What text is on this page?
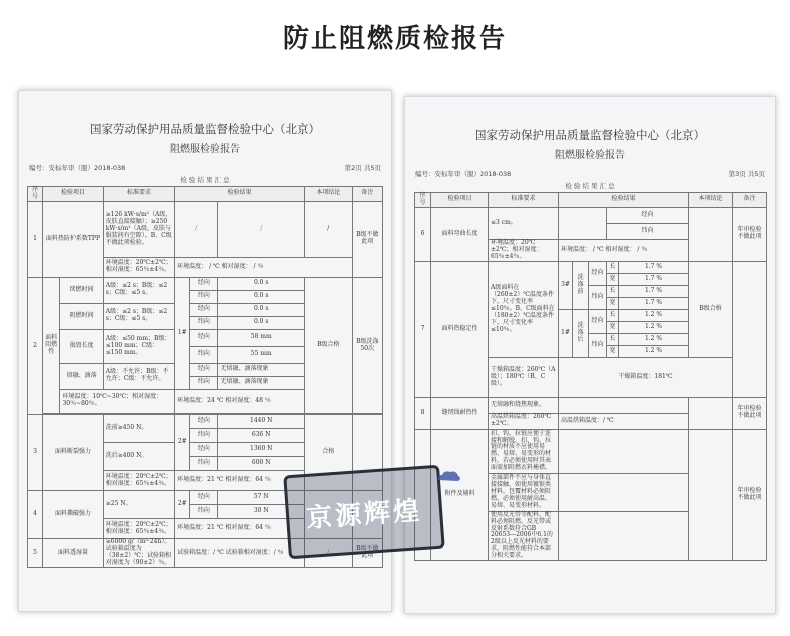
防止阻燃质检报告
国家劳动保护用品质量监督检验中心（北京）
阻燃服检验报告
编号：安标年审（服）2018-038	第2页 共5页
检 验 结 果 汇 总
序号	检验项目		标准要求	检验结果			本项结论	备注
1	面料热防护系数TPP		≥126 kW·s/m²（A级，皮肤直接接触）；≥250 kW·s/m²（A级，皮肤与服装间有空隙）。B、C级不做此项检验。	/		/	/	B级不做此项
			环境温度：20℃±2℃；相对湿度：65％±4％。	环境温度： / ℃ 相对湿度： / ％				
2	面料阻燃性	续燃时间	A级：≤2 s；B级：≤2 s；C级：≤5 s。	1#	经向	0.0 s	B级合格	B级洗涤50次
					纬向	0.0 s		
		阴燃时间	A级：≤2 s；B级：≤2 s；C级：≤5 s。		经向	0.0 s		
					纬向	0.0 s		
		损毁长度	A级：≤50 mm；B级：≤100 mm；C级：≤150 mm。		经向	58 mm		
					纬向	55 mm		
		熔融、滴落	A级：不允许；B级：不允许；C级：不允许。		经向	无熔融、滴落现象		
					纬向	无熔融、滴落现象		
		环境温度：10℃~30℃；相对湿度：30％~80％。		环境温度：24 ℃ 相对湿度：48 ％				

3	面料断裂强力		洗前≥450 N。	2#	经向	1440 N	合格	
					纬向	636 N		
			洗后≥400 N。		经向	1360 N		
					纬向	600 N		
			环境温度：20℃±2℃；相对湿度：65％±4％。	环境温度：21 ℃ 相对湿度：64 ％				
4	面料撕破强力		≥25 N。	2#	经向	57 N		
					纬向	30 N		
			环境温度：20℃±2℃；相对湿度：65％±4％。	环境温度：21 ℃ 相对湿度：64 ％				
5	面料透湿量		≥6000 g/（m²·24h）。试验箱温度为（38±2）℃；试验箱相对湿度为（90±2）％。	试验箱温度：/ ℃ 试验箱相对湿度：/ ％			/	B级不做此项
国家劳动保护用品质量监督检验中心（北京）
阻燃服检验报告
编号：安标年审（服）2018-038	第3页 共5页
检 验 结 果 汇 总
序号	检验项目	标准要求	检验结果					本项结论	备注
6	面料弯曲长度	≤3 cm。				经向			年审检验不做此项
						纬向			
		环境温度：20℃±2℃；相对湿度：65％±4％。	环境温度： / ℃ 相对湿度： / ％						
7	面料热稳定性	A级面料在（260±2）℃温度条件下，尺寸变化率≤10％。B、C级面料在（180±2）℃温度条件下，尺寸变化率≤10％。	3#	洗涤前	经向	长	1.7 %	B级合格	
						宽	1.7 %		
					纬向	长	1.7 %		
						宽	1.7 %		
			1#	洗涤后	经向	长	1.2 %		
						宽	1.2 %		
					纬向	长	1.2 %		
						宽	1.2 %		
		干燥箱温度：260℃（A级）；180℃（B、C级）。	干燥箱温度：181℃						
8	缝纫线耐热性	无熔融和烧焦现象。							年审检验不做此项
		高温烘箱温度：260℃±2℃。	高温烘箱温度：/ ℃						
	附件及辅料	扣、钩、拉链应便于连接和解脱，扣、钩、拉链的材质不应使用易燃、易熔、易变形的材料，若必须使用时其表面需加阻燃衣料掩襟。							年审检验不做此项
		金属部件不应与身体直接接触，如使用镀银类材料，包覆材料必须阻燃，必须使用耐高温、易熔、易变形材料。							
		使用反光带等配料，配料必须阻燃。反光带或反射系数符合GB 20653—2006中6.1的2级以上反光材料的要求，阻燃性能符合本部分相关要求。							
京源辉煌
